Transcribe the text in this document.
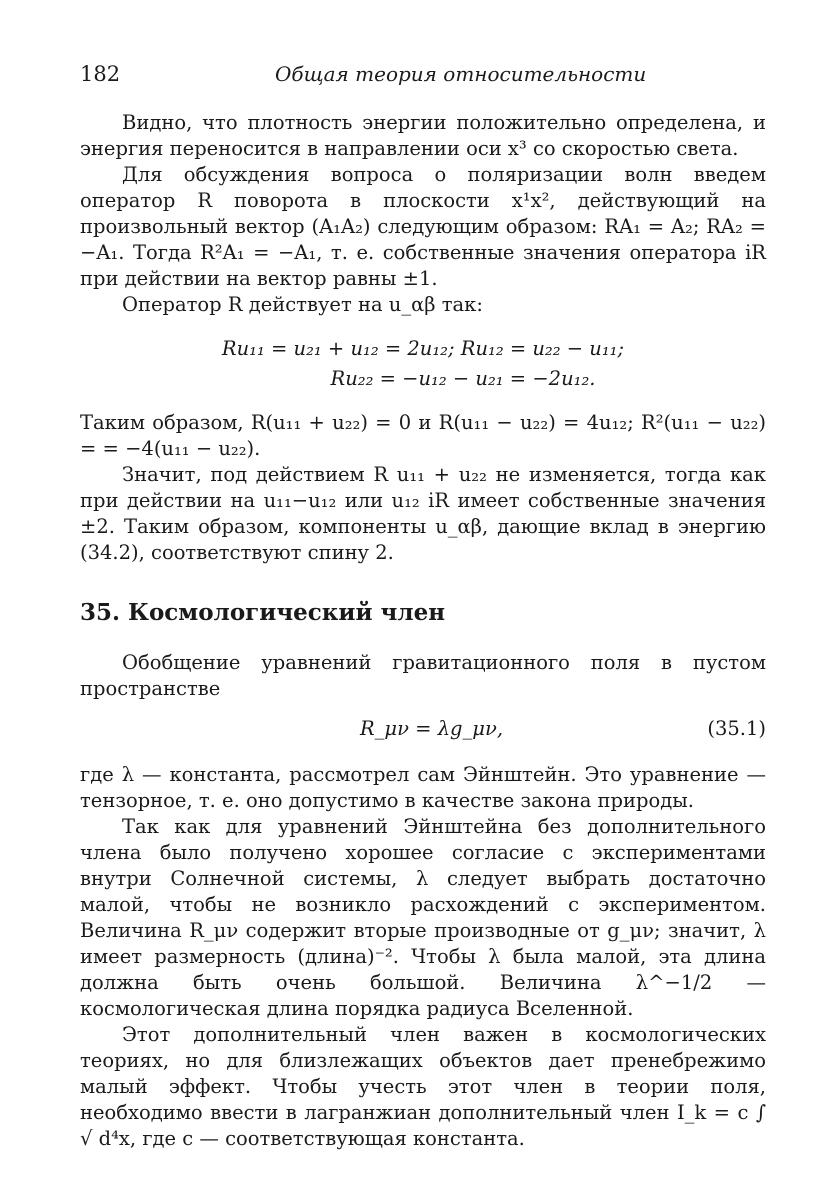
182	Общая теория относительности

Видно, что плотность энергии положительно определена, и энергия переносится в направлении оси x³ со скоростью света.

Для обсуждения вопроса о поляризации волн введем оператор R поворота в плоскости x¹x², действующий на произвольный вектор (A₁A₂) следующим образом: RA₁ = A₂; RA₂ = −A₁. Тогда R²A₁ = −A₁, т. е. собственные значения оператора iR при действии на вектор равны ±1.

Оператор R действует на u_αβ так:

Ru₁₁ = u₂₁ + u₁₂ = 2u₁₂; Ru₁₂ = u₂₂ − u₁₁;
Ru₂₂ = −u₁₂ − u₂₁ = −2u₁₂.

Таким образом, R(u₁₁ + u₂₂) = 0 и R(u₁₁ − u₂₂) = 4u₁₂; R²(u₁₁ − u₂₂) = = −4(u₁₁ − u₂₂).

Значит, под действием R u₁₁ + u₂₂ не изменяется, тогда как при действии на u₁₁−u₁₂ или u₁₂ iR имеет собственные значения ±2. Таким образом, компоненты u_αβ, дающие вклад в энергию (34.2), соответствуют спину 2.

35. Космологический член

Обобщение уравнений гравитационного поля в пустом пространстве

R_μν = λg_μν,	(35.1)

где λ — константа, рассмотрел сам Эйнштейн. Это уравнение — тензорное, т. е. оно допустимо в качестве закона природы.

Так как для уравнений Эйнштейна без дополнительного члена было получено хорошее согласие с экспериментами внутри Солнечной системы, λ следует выбрать достаточно малой, чтобы не возникло расхождений с экспериментом. Величина R_μν содержит вторые производные от g_μν; значит, λ имеет размерность (длина)⁻². Чтобы λ была малой, эта длина должна быть очень большой. Величина λ^−1/2 — космологическая длина порядка радиуса Вселенной.

Этот дополнительный член важен в космологических теориях, но для близлежащих объектов дает пренебрежимо малый эффект. Чтобы учесть этот член в теории поля, необходимо ввести в лагранжиан дополнительный член I_k = c ∫ √ d⁴x, где c — соответствующая константа.
